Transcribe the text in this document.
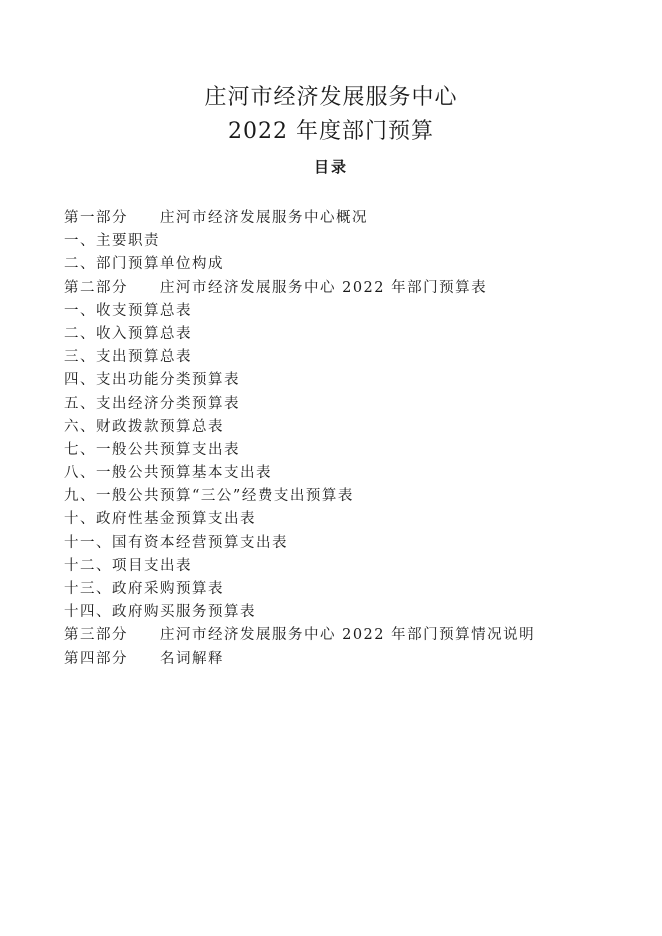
庄河市经济发展服务中心
2022 年度部门预算
目录
第一部分 庄河市经济发展服务中心概况
一、主要职责
二、部门预算单位构成
第二部分 庄河市经济发展服务中心 2022 年部门预算表
一、收支预算总表
二、收入预算总表
三、支出预算总表
四、支出功能分类预算表
五、支出经济分类预算表
六、财政拨款预算总表
七、一般公共预算支出表
八、一般公共预算基本支出表
九、一般公共预算“三公”经费支出预算表
十、政府性基金预算支出表
十一、国有资本经营预算支出表
十二、项目支出表
十三、政府采购预算表
十四、政府购买服务预算表
第三部分 庄河市经济发展服务中心 2022 年部门预算情况说明
第四部分 名词解释
